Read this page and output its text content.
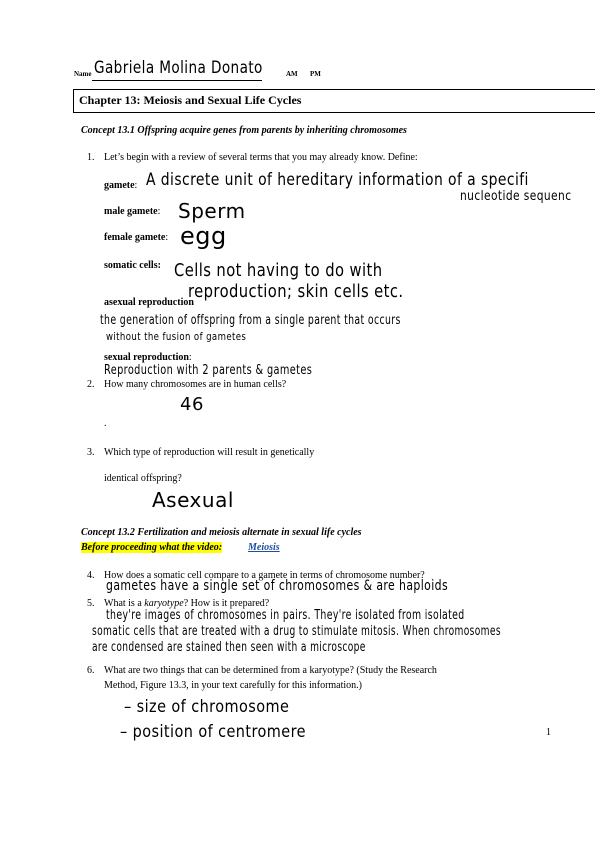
Name Gabriela Molina Donato	AM PM
Chapter 13: Meiosis and Sexual Life Cycles
Concept 13.1 Offspring acquire genes from parents by inheriting chromosomes
1. Let’s begin with a review of several terms that you may already know. Define:
gamete: A discrete unit of hereditary information of a specifi
nucleotide sequenc
male gamete: Sperm
female gamete: egg
somatic cells: Cells not having to do with
reproduction; skin cells etc.
asexual reproduction
the generation of offspring from a single parent that occurs
without the fusion of gametes
sexual reproduction:
Reproduction with 2 parents & gametes
2. How many chromosomes are in human cells?
46
.
3. Which type of reproduction will result in genetically
identical offspring?
Asexual
Concept 13.2 Fertilization and meiosis alternate in sexual life cycles
Before proceeding what the video:	Meiosis
4. How does a somatic cell compare to a gamete in terms of chromosome number?
gametes have a single set of chromosomes & are haploids
5. What is a karyotype? How is it prepared?
they're images of chromosomes in pairs. They're isolated from isolated
somatic cells that are treated with a drug to stimulate mitosis. When chromosomes
are condensed are stained then seen with a microscope
6. What are two things that can be determined from a karyotype? (Study the Research
Method, Figure 13.3, in your text carefully for this information.)
– size of chromosome
– position of centromere	1
